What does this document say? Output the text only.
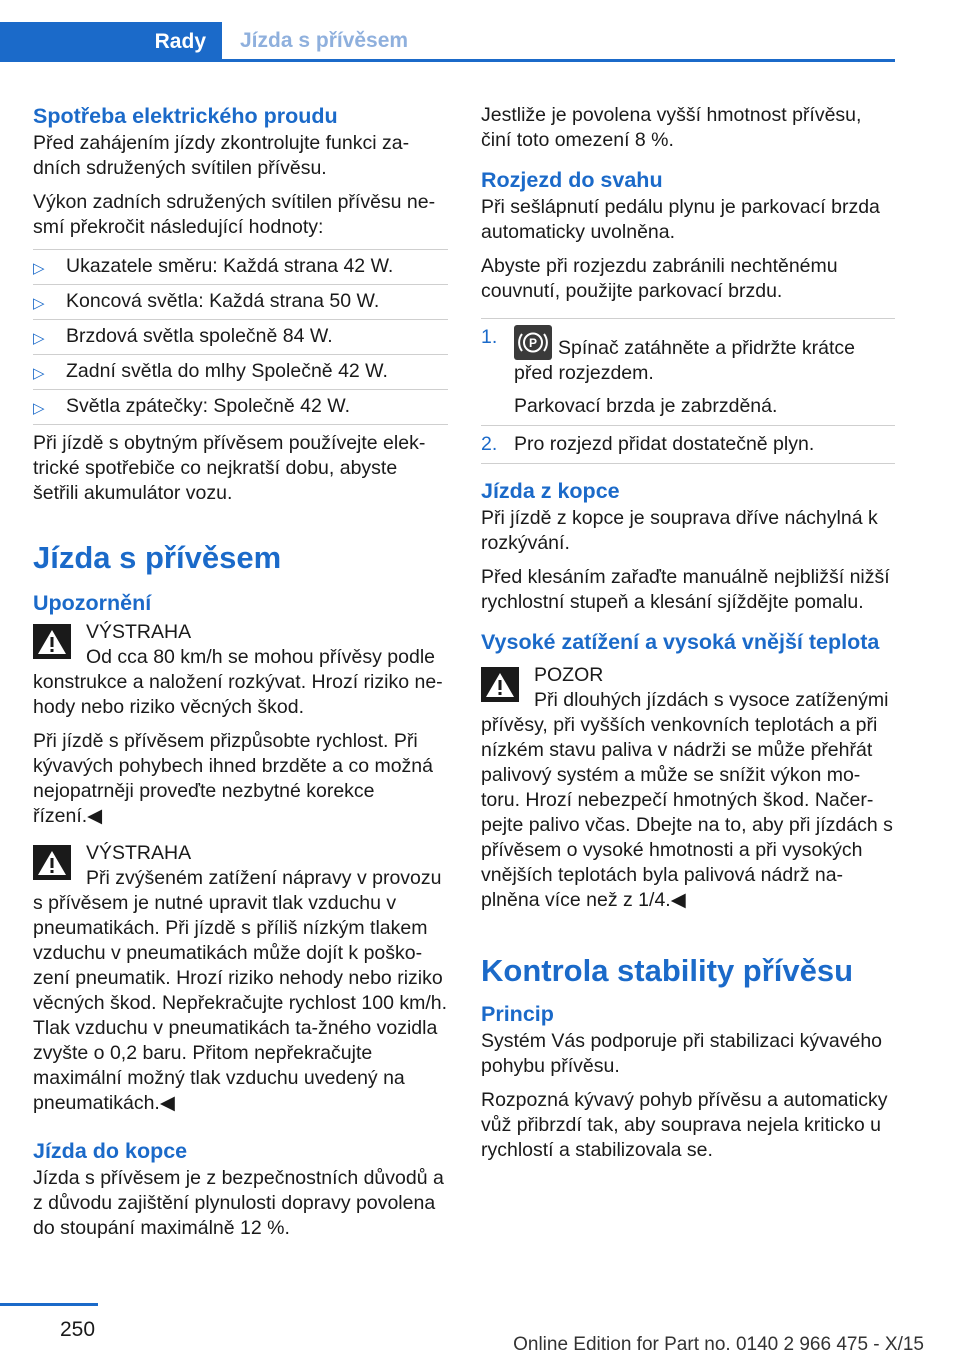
Rady	Jízda s přívěsem
Spotřeba elektrického proudu

Před zahájením jízdy zkontrolujte funkci za-dních sdružených svítilen přívěsu.

Výkon zadních sdružených svítilen přívěsu ne-smí překročit následující hodnoty:

▷ Ukazatele směru: Každá strana 42 W.
▷ Koncová světla: Každá strana 50 W.
▷ Brzdová světla společně 84 W.
▷ Zadní světla do mlhy Společně 42 W.
▷ Světla zpátečky: Společně 42 W.

Při jízdě s obytným přívěsem používejte elek-trické spotřebiče co nejkratší dobu, abyste šetřili akumulátor vozu.

Jízda s přívěsem
Upozornění
VÝSTRAHA

Od cca 80 km/h se mohou přívěsy podle konstrukce a naložení rozkývat. Hrozí riziko ne-hody nebo riziko věcných škod.

Při jízdě s přívěsem přizpůsobte rychlost. Při kývavých pohybech ihned brzděte a co možná nejopatrněji proveďte nezbytné korekce řízení.◀

VÝSTRAHA

Při zvýšeném zatížení nápravy v provozu s přívěsem je nutné upravit tlak vzduchu v pneumatikách. Při jízdě s příliš nízkým tlakem vzduchu v pneumatikách může dojít k poško-zení pneumatik. Hrozí riziko nehody nebo riziko věcných škod. Nepřekračujte rychlost 100 km/h. Tlak vzduchu v pneumatikách ta-žného vozidla zvyšte o 0,2 baru. Přitom nepřekračujte maximální možný tlak vzduchu uvedený na pneumatikách.◀

Jízda do kopce

Jízda s přívěsem je z bezpečnostních důvodů a z důvodu zajištění plynulosti dopravy povolena do stoupání maximálně 12 %.

Jestliže je povolena vyšší hmotnost přívěsu, činí toto omezení 8 %.

Rozjezd do svahu

Při sešlápnutí pedálu plynu je parkovací brzda automaticky uvolněna.

Abyste při rozjezdu zabránili nechtěnému couvnutí, použijte parkovací brzdu.

1.	P Spínač zatáhněte a přidržte krátce před rozjezdem.

Parkovací brzda je zabrzděná.

2. Pro rozjezd přidat dostatečně plyn.
Jízda z kopce

Při jízdě z kopce je souprava dříve náchylná k rozkývání.

Před klesáním zařaďte manuálně nejbližší nižší rychlostní stupeň a klesání sjíždějte pomalu.

Vysoké zatížení a vysoká vnější teplota
POZOR

Při dlouhých jízdách s vysoce zatíženými přívěsy, při vyšších venkovních teplotách a při nízkém stavu paliva v nádrži se může přehřát palivový systém a může se snížit výkon mo-toru. Hrozí nebezpečí hmotných škod. Načer-pejte palivo včas. Dbejte na to, aby při jízdách s přívěsem o vysoké hmotnosti a při vysokých vnějších teplotách byla palivová nádrž na-plněna více než z 1/4.◀

Kontrola stability přívěsu
Princip

Systém Vás podporuje při stabilizaci kývavého pohybu přívěsu.

Rozpozná kývavý pohyb přívěsu a automaticky vůž přibrzdí tak, aby souprava nejela kriticko u rychlostí a stabilizovala se.

250
Online Edition for Part no. 0140 2 966 475 - X/15
